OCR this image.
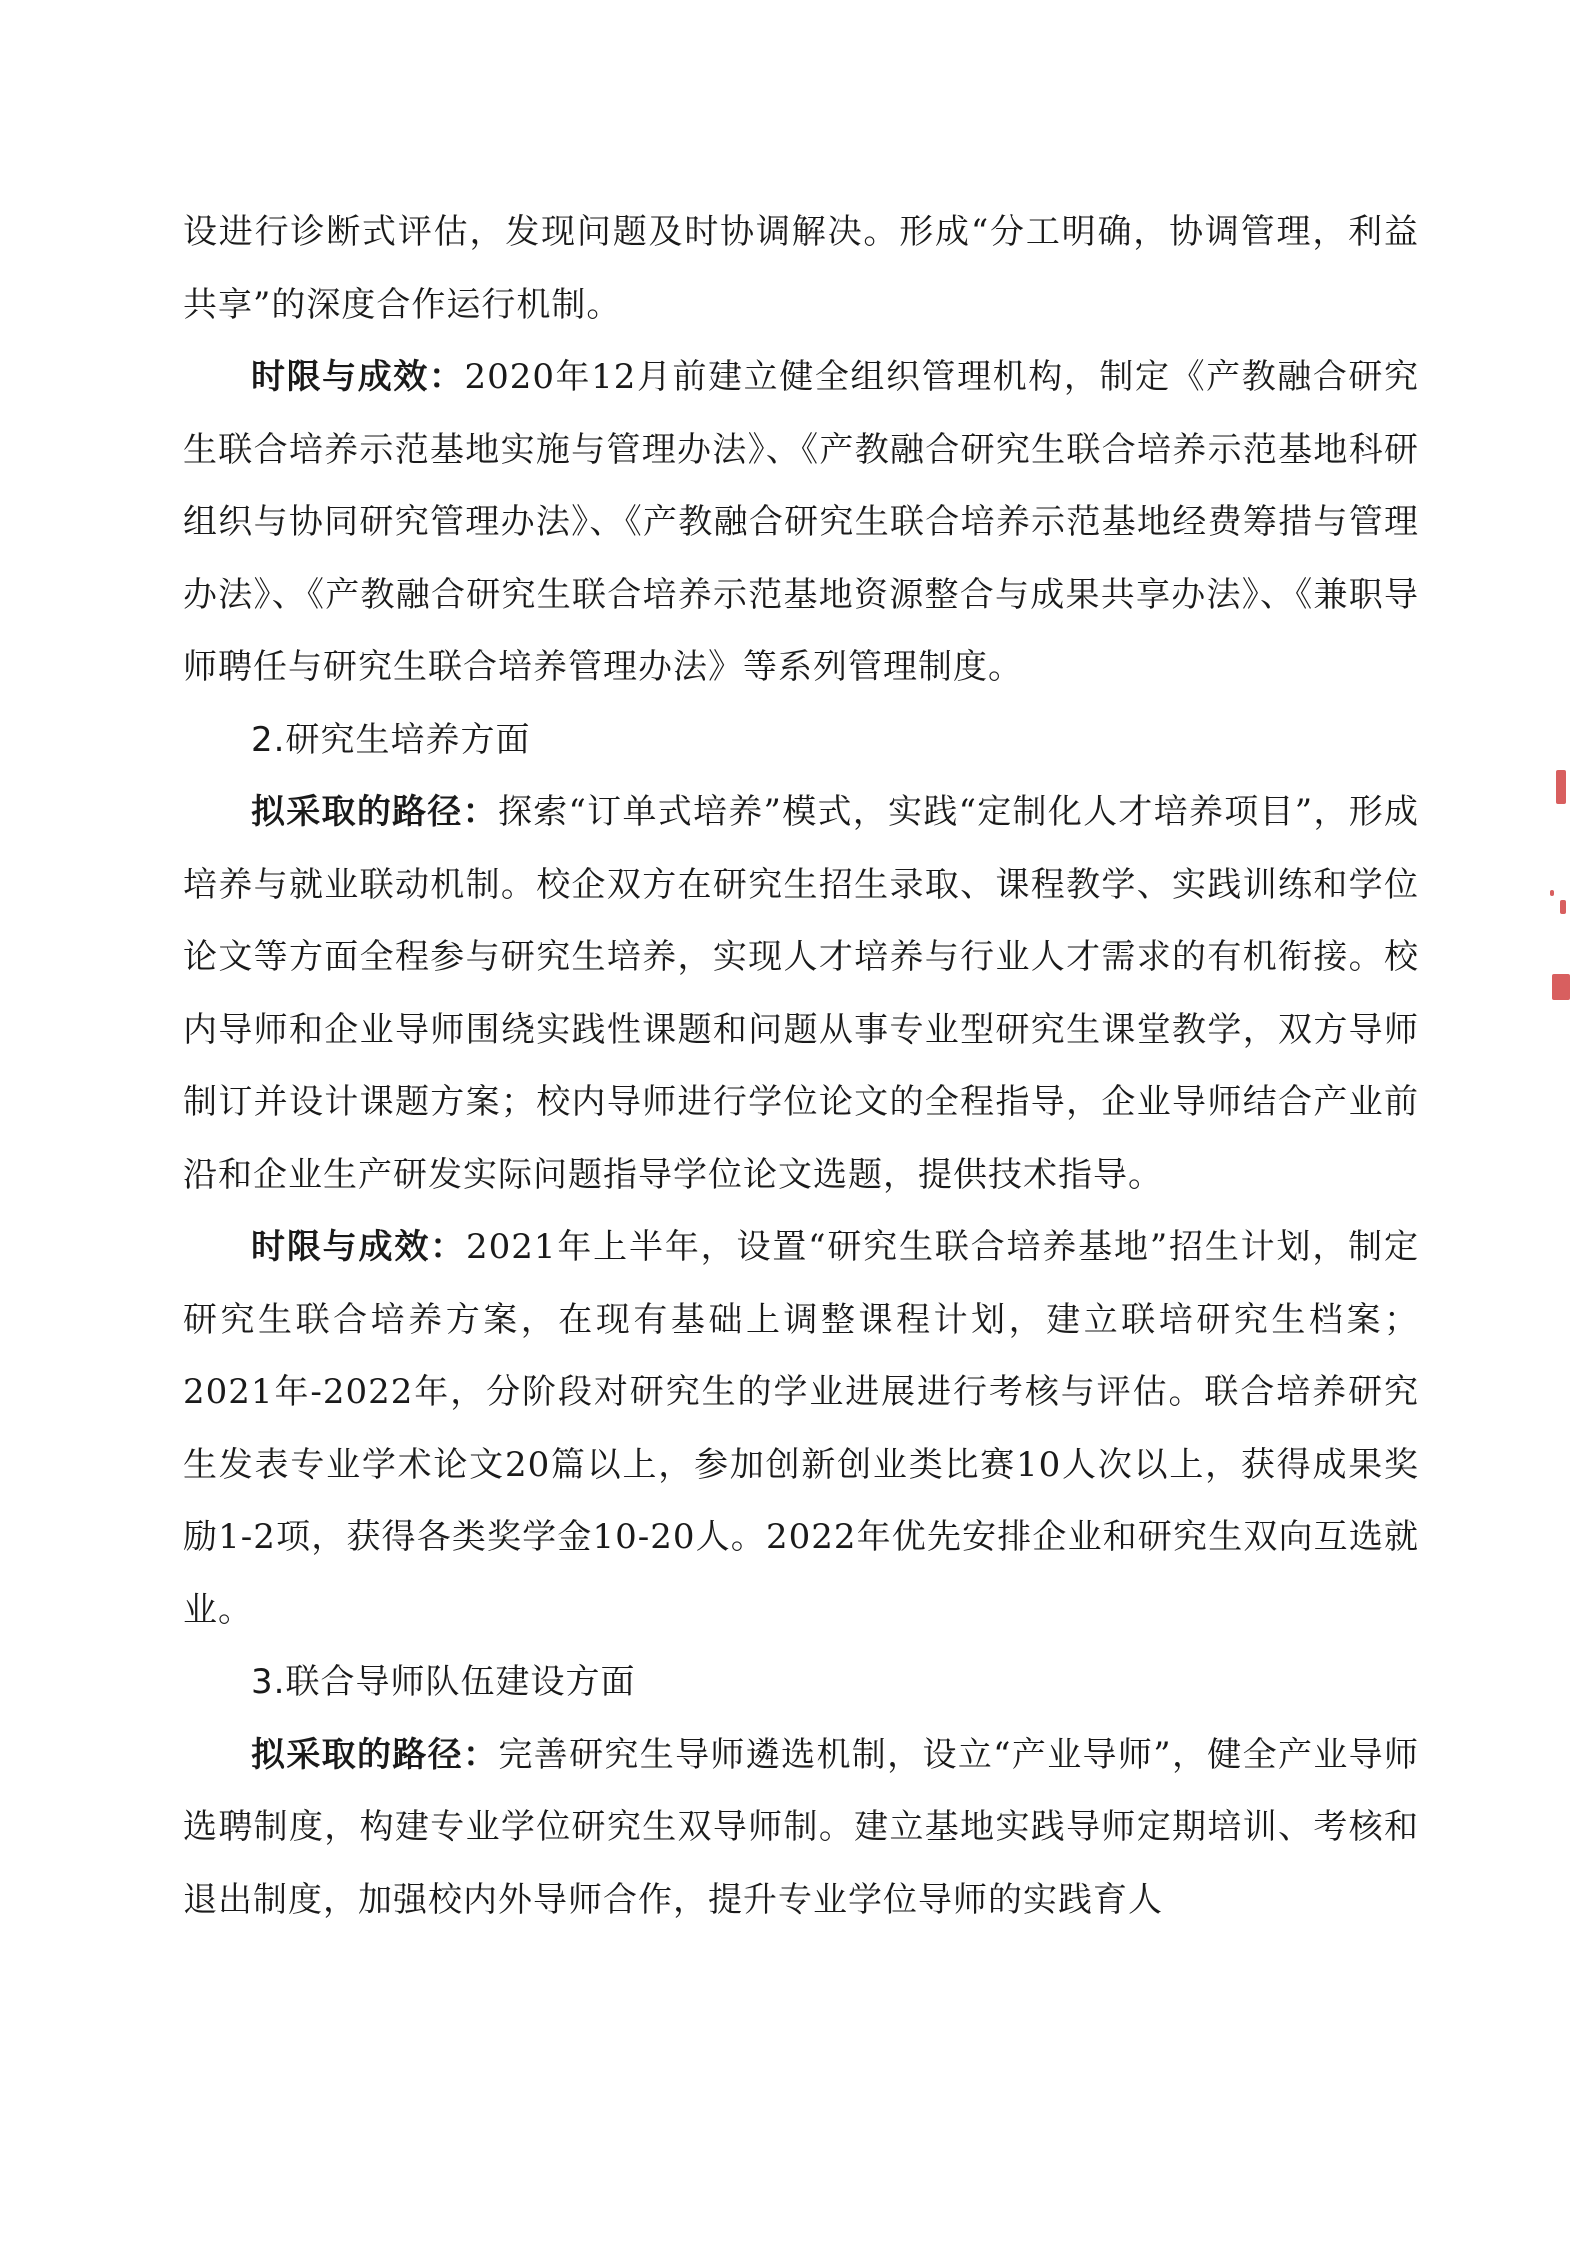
设进行诊断式评估，发现问题及时协调解决。形成“分工明确，协调管理，利益共享”的深度合作运行机制。

时限与成效：2020年12月前建立健全组织管理机构，制定《产教融合研究生联合培养示范基地实施与管理办法》、《产教融合研究生联合培养示范基地科研组织与协同研究管理办法》、《产教融合研究生联合培养示范基地经费筹措与管理办法》、《产教融合研究生联合培养示范基地资源整合与成果共享办法》、《兼职导师聘任与研究生联合培养管理办法》等系列管理制度。

2.研究生培养方面

拟采取的路径：探索“订单式培养”模式，实践“定制化人才培养项目”，形成培养与就业联动机制。校企双方在研究生招生录取、课程教学、实践训练和学位论文等方面全程参与研究生培养，实现人才培养与行业人才需求的有机衔接。校内导师和企业导师围绕实践性课题和问题从事专业型研究生课堂教学，双方导师制订并设计课题方案；校内导师进行学位论文的全程指导，企业导师结合产业前沿和企业生产研发实际问题指导学位论文选题，提供技术指导。

时限与成效：2021年上半年，设置“研究生联合培养基地”招生计划，制定研究生联合培养方案，在现有基础上调整课程计划，建立联培研究生档案；2021年-2022年，分阶段对研究生的学业进展进行考核与评估。联合培养研究生发表专业学术论文20篇以上，参加创新创业类比赛10人次以上，获得成果奖励1-2项，获得各类奖学金10-20人。2022年优先安排企业和研究生双向互选就业。

3.联合导师队伍建设方面

拟采取的路径：完善研究生导师遴选机制，设立“产业导师”，健全产业导师选聘制度，构建专业学位研究生双导师制。建立基地实践导师定期培训、考核和退出制度，加强校内外导师合作，提升专业学位导师的实践育人
